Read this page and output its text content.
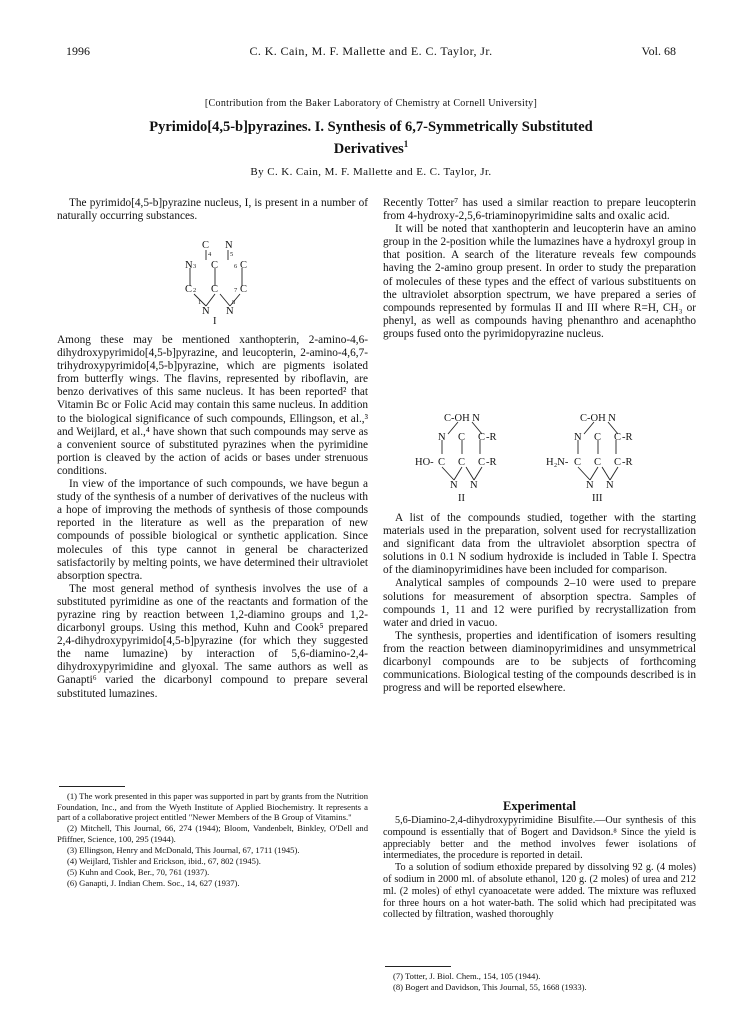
1996	C. K. Cain, M. F. Mallette and E. C. Taylor, Jr.	Vol. 68
[Contribution from the Baker Laboratory of Chemistry at Cornell University]
Pyrimido[4,5-b]pyrazines. I. Synthesis of 6,7-Symmetrically Substituted
Derivatives$^1$
By C. K. Cain, M. F. Mallette and E. C. Taylor, Jr.

The pyrimido[4,5-b]pyrazine nucleus, I, is present in a number of naturally occurring substances.

C N
N C C
C C C
N N
4	5
3	6
2	7
1	8
I

Among these may be mentioned xanthopterin, 2-amino-4,6-dihydroxypyrimido[4,5-b]pyrazine, and leucopterin, 2-amino-4,6,7-trihydroxypyrimido[4,5-b]pyrazine, which are pigments isolated from butterfly wings. The flavins, represented by riboflavin, are benzo derivatives of this same nucleus. It has been reported² that Vitamin Bc or Folic Acid may contain this same nucleus. In addition to the biological significance of such compounds, Ellingson, et al.,³ and Weijlard, et al.,⁴ have shown that such compounds may serve as a convenient source of substituted pyrazines when the pyrimidine portion is cleaved by the action of acids or bases under strenuous conditions.

In view of the importance of such compounds, we have begun a study of the synthesis of a number of derivatives of the nucleus with a hope of improving the methods of synthesis of those compounds reported in the literature as well as the preparation of new compounds of possible biological or synthetic application. Since molecules of this type cannot in general be characterized satisfactorily by melting points, we have determined their ultraviolet absorption spectra.

The most general method of synthesis involves the use of a substituted pyrimidine as one of the reactants and formation of the pyrazine ring by reaction between 1,2-diamino groups and 1,2-dicarbonyl groups. Using this method, Kuhn and Cook⁵ prepared 2,4-dihydroxypyrimido[4,5-b]pyrazine (for which they suggested the name lumazine) by interaction of 5,6-diamino-2,4-dihydroxypyrimidine and glyoxal. The same authors as well as Ganapti⁶ varied the dicarbonyl compound to prepare several substituted lumazines.

(1) The work presented in this paper was supported in part by grants from the Nutrition Foundation, Inc., and from the Wyeth Institute of Applied Biochemistry. It represents a part of a collaborative project entitled "Newer Members of the B Group of Vitamins."

(2) Mitchell, This Journal, 66, 274 (1944); Bloom, Vandenbelt, Binkley, O'Dell and Pfiffner, Science, 100, 295 (1944).

(3) Ellingson, Henry and McDonald, This Journal, 67, 1711 (1945).

(4) Weijlard, Tishler and Erickson, ibid., 67, 802 (1945).

(5) Kuhn and Cook, Ber., 70, 761 (1937).

(6) Ganapti, J. Indian Chem. Soc., 14, 627 (1937).

Recently Totter⁷ has used a similar reaction to prepare leucopterin from 4-hydroxy-2,5,6-triaminopyrimidine salts and oxalic acid.

It will be noted that xanthopterin and leucopterin have an amino group in the 2-position while the lumazines have a hydroxyl group in that position. A search of the literature reveals few compounds having the 2-amino group present. In order to study the preparation of molecules of these types and the effect of various substituents on the ultraviolet absorption spectrum, we have prepared a series of compounds represented by formulas II and III where R=H, CH₃ or phenyl, as well as compounds having phenanthro and acenaphtho groups fused onto the pyrimidopyrazine nucleus.

C-OH N
N C C -R
HO- C C C -R
N N
II
C-OH N
N C C -R
H₂N- C C C -R
N N
III

A list of the compounds studied, together with the starting materials used in the preparation, solvent used for recrystallization and significant data from the ultraviolet absorption spectra of solutions in 0.1 N sodium hydroxide is included in Table I. Spectra of the diaminopyrimidines have been included for comparison.

Analytical samples of compounds 2–10 were used to prepare solutions for measurement of absorption spectra. Samples of compounds 1, 11 and 12 were purified by recrystallization from water and dried in vacuo.

The synthesis, properties and identification of isomers resulting from the reaction between diaminopyrimidines and unsymmetrical dicarbonyl compounds are to be subjects of forthcoming communications. Biological testing of the compounds described is in progress and will be reported elsewhere.

Experimental

5,6-Diamino-2,4-dihydroxypyrimidine Bisulfite.—Our synthesis of this compound is essentially that of Bogert and Davidson.⁸ Since the yield is appreciably better and the method involves fewer isolations of intermediates, the procedure is reported in detail.

To a solution of sodium ethoxide prepared by dissolving 92 g. (4 moles) of sodium in 2000 ml. of absolute ethanol, 120 g. (2 moles) of urea and 212 ml. (2 moles) of ethyl cyanoacetate were added. The mixture was refluxed for three hours on a hot water-bath. The solid which had precipitated was collected by filtration, washed thoroughly

(7) Totter, J. Biol. Chem., 154, 105 (1944).

(8) Bogert and Davidson, This Journal, 55, 1668 (1933).
